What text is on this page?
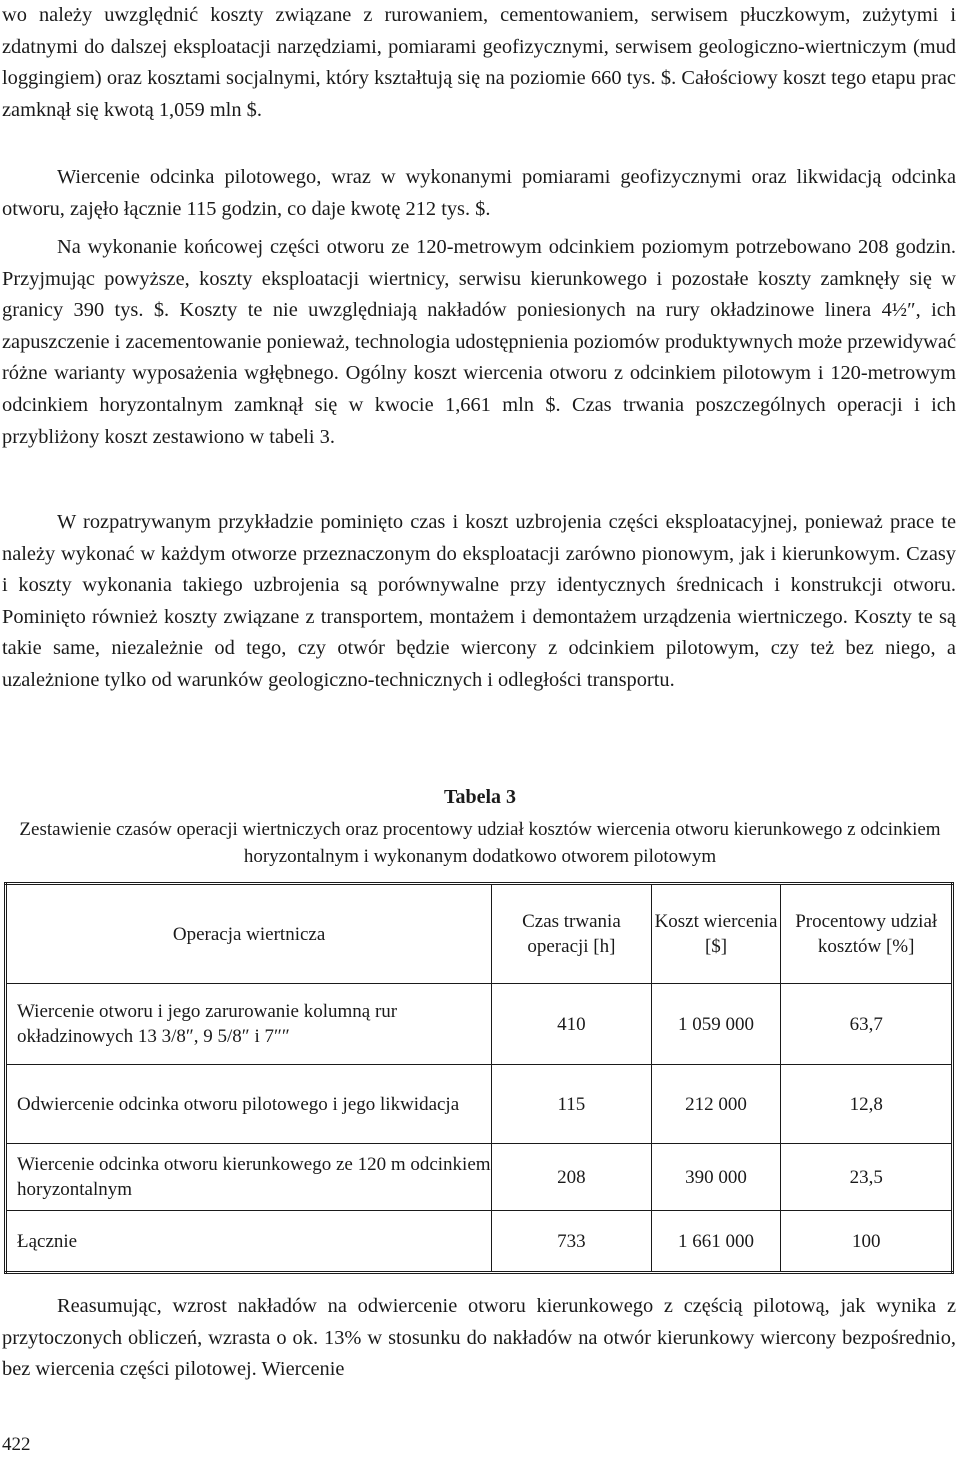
wo należy uwzględnić koszty związane z rurowaniem, cementowaniem, serwisem płuczkowym, zużytymi i zdatnymi do dalszej eksploatacji narzędziami, pomiarami geofizycznymi, serwisem geologiczno-wiertniczym (mud loggingiem) oraz kosztami socjalnymi, który kształtują się na poziomie 660 tys. $. Całościowy koszt tego etapu prac zamknął się kwotą 1,059 mln $.

Wiercenie odcinka pilotowego, wraz w wykonanymi pomiarami geofizycznymi oraz likwidacją odcinka otworu, zajęło łącznie 115 godzin, co daje kwotę 212 tys. $.

Na wykonanie końcowej części otworu ze 120-metrowym odcinkiem poziomym potrzebowano 208 godzin. Przyjmując powyższe, koszty eksploatacji wiertnicy, serwisu kierunkowego i pozostałe koszty zamknęły się w granicy 390 tys. $. Koszty te nie uwzględniają nakładów poniesionych na rury okładzinowe linera 4½″, ich zapuszczenie i zacementowanie ponieważ, technologia udostępnienia poziomów produktywnych może przewidywać różne warianty wyposażenia wgłębnego. Ogólny koszt wiercenia otworu z odcinkiem pilotowym i 120-metrowym odcinkiem horyzontalnym zamknął się w kwocie 1,661 mln $. Czas trwania poszczególnych operacji i ich przybliżony koszt zestawiono w tabeli 3.

W rozpatrywanym przykładzie pominięto czas i koszt uzbrojenia części eksploatacyjnej, ponieważ prace te należy wykonać w każdym otworze przeznaczonym do eksploatacji zarówno pionowym, jak i kierunkowym. Czasy i koszty wykonania takiego uzbrojenia są porównywalne przy identycznych średnicach i konstrukcji otworu. Pominięto również koszty związane z transportem, montażem i demontażem urządzenia wiertniczego. Koszty te są takie same, niezależnie od tego, czy otwór będzie wiercony z odcinkiem pilotowym, czy też bez niego, a uzależnione tylko od warunków geologiczno-technicznych i odległości transportu.

Tabela 3
Zestawienie czasów operacji wiertniczych oraz procentowy udział kosztów wiercenia otworu kierunkowego z odcinkiem horyzontalnym i wykonanym dodatkowo otworem pilotowym
Operacja wiertnicza	Czas trwania operacji [h]	Koszt wiercenia [$]	Procentowy udział kosztów [%]
Wiercenie otworu i jego zarurowanie kolumną rur okładzinowych 13 3/8″, 9 5/8″ i 7″″	410	1 059 000	63,7
Odwiercenie odcinka otworu pilotowego i jego likwidacja	115	212 000	12,8
Wiercenie odcinka otworu kierunkowego ze 120 m odcinkiem horyzontalnym	208	390 000	23,5
Łącznie	733	1 661 000	100

Reasumując, wzrost nakładów na odwiercenie otworu kierunkowego z częścią pilotową, jak wynika z przytoczonych obliczeń, wzrasta o ok. 13% w stosunku do nakładów na otwór kierunkowy wiercony bezpośrednio, bez wiercenia części pilotowej. Wiercenie

422
